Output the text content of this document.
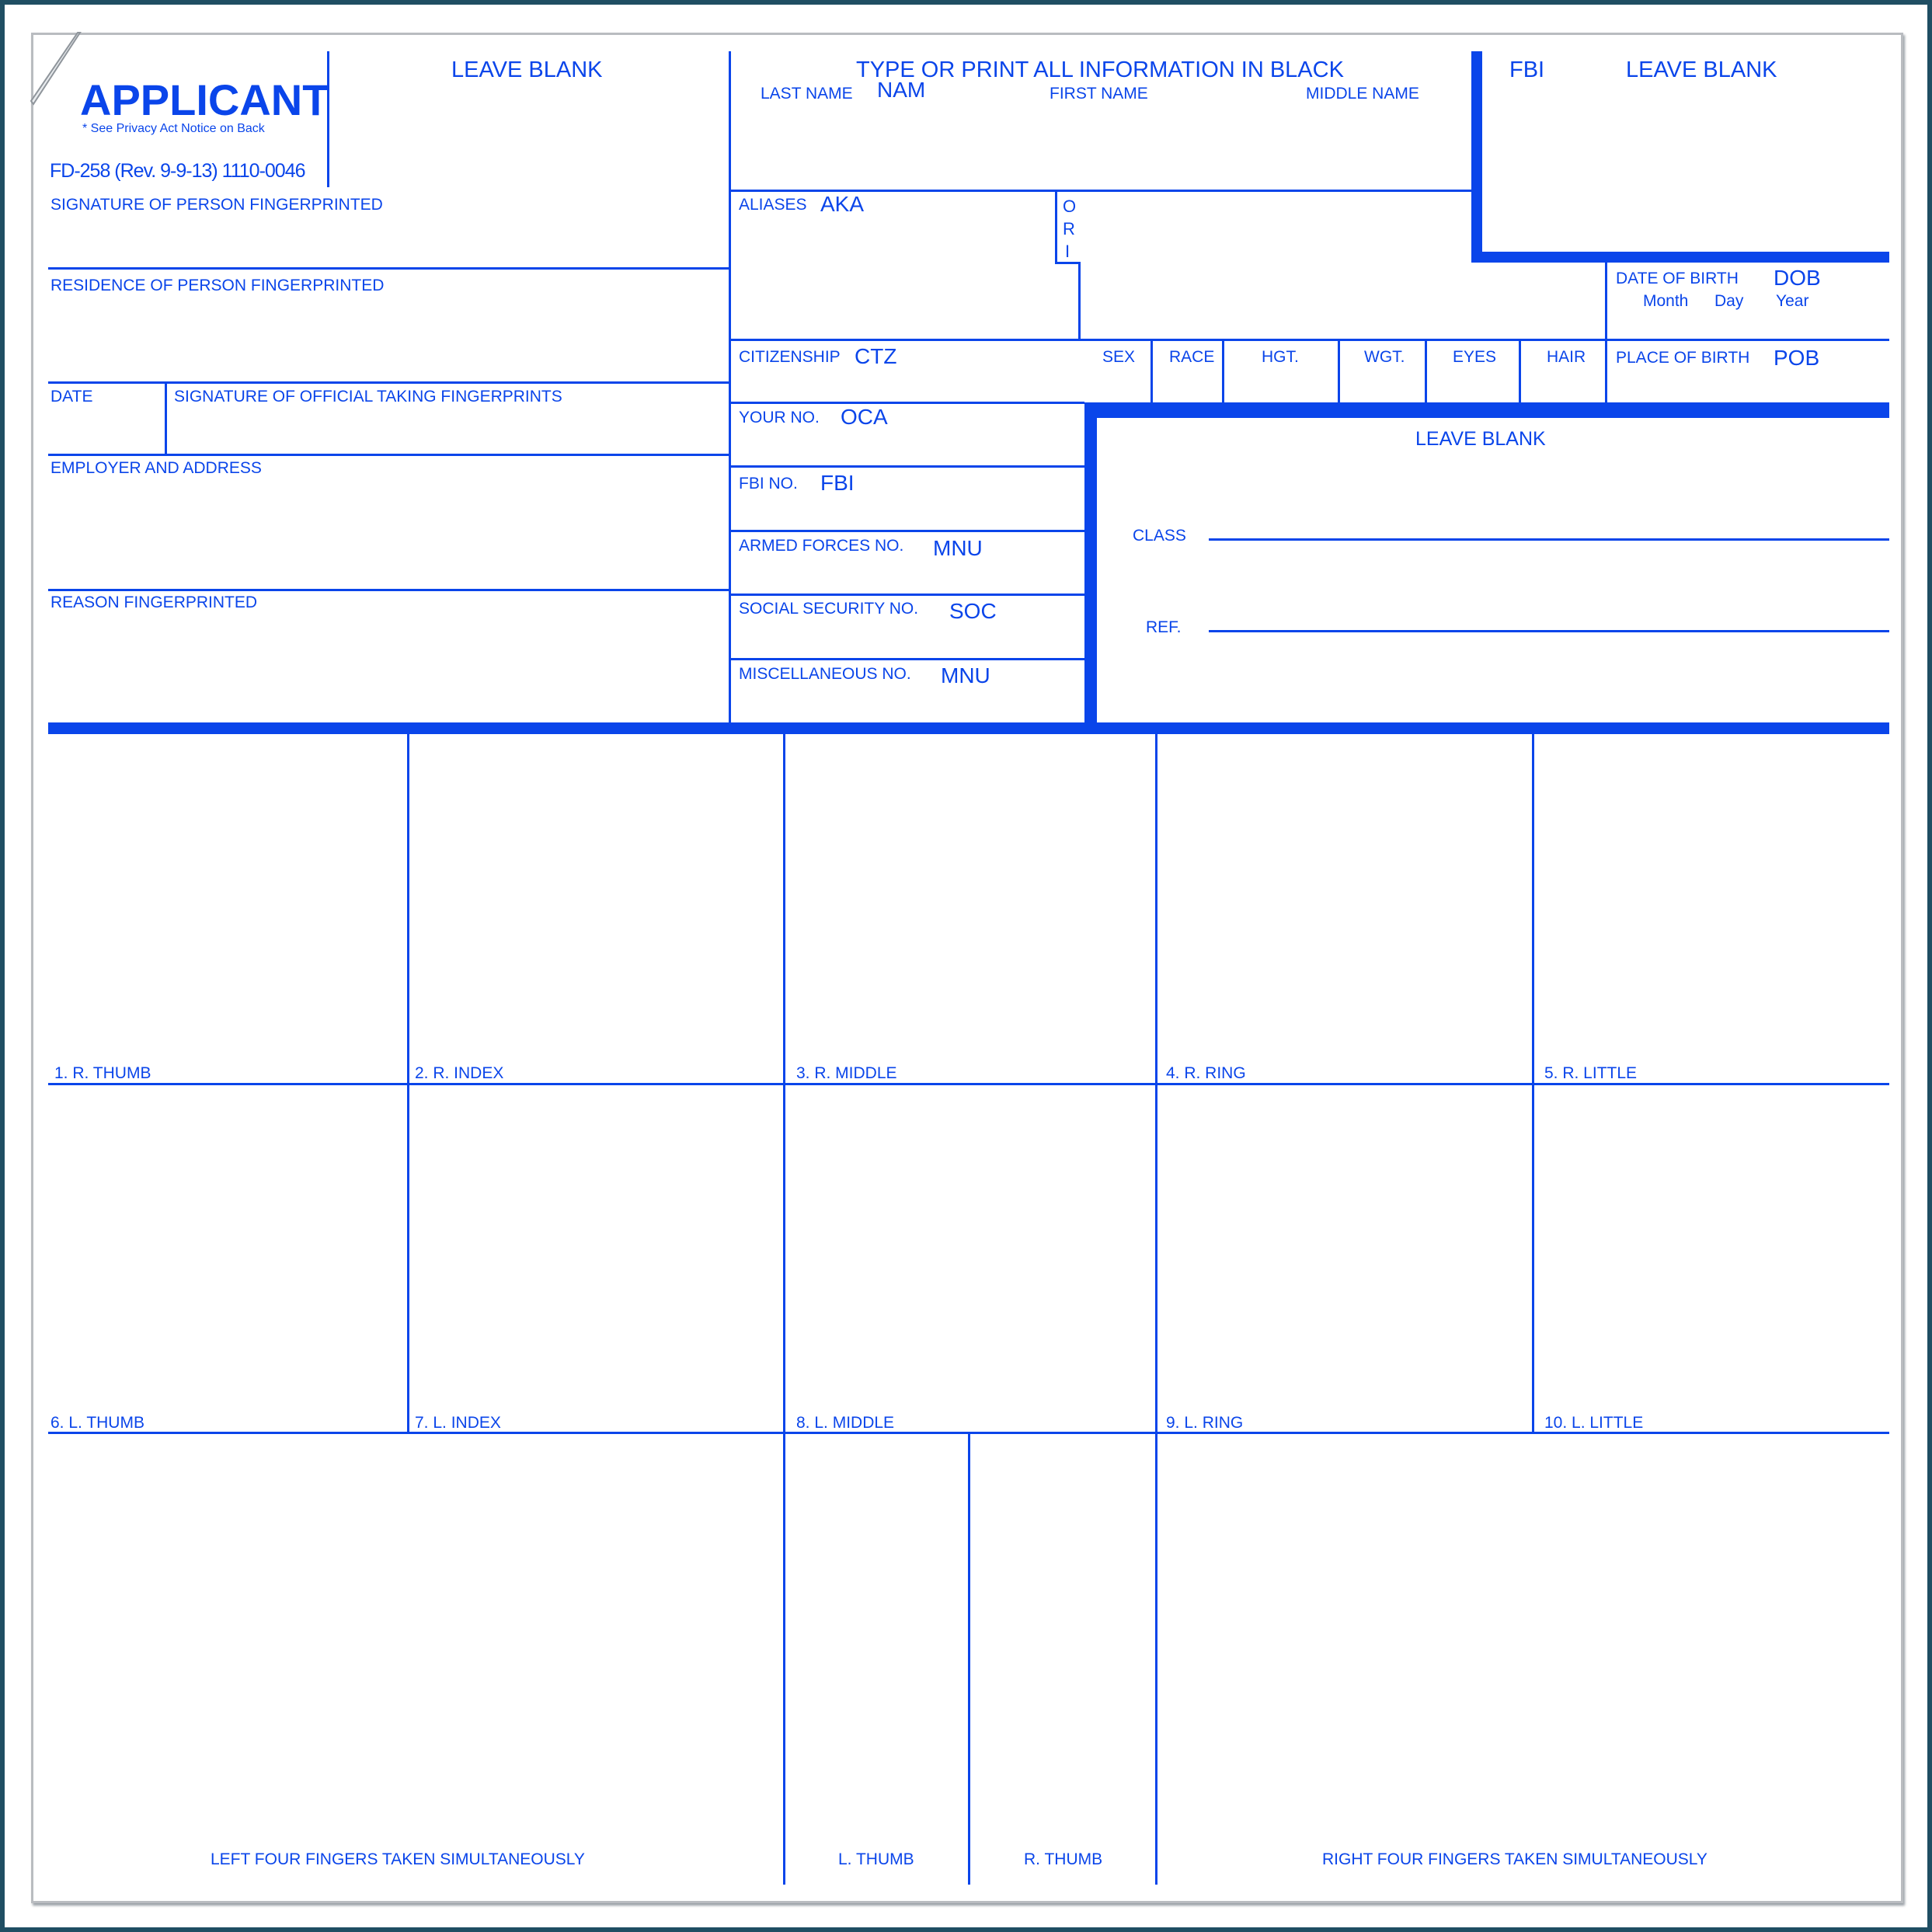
APPLICANT
* See Privacy Act Notice on Back
FD-258 (Rev. 9-9-13) 1110-0046
LEAVE BLANK	TYPE OR PRINT ALL INFORMATION IN BLACK	FBI	LEAVE BLANK
LAST NAME NAM	FIRST NAME	MIDDLE NAME
SIGNATURE OF PERSON FINGERPRINTED
RESIDENCE OF PERSON FINGERPRINTED
DATE	SIGNATURE OF OFFICIAL TAKING FINGERPRINTS
EMPLOYER AND ADDRESS
REASON FINGERPRINTED
ALIASES AKA	O
R
I
DATE OF BIRTH DOB
Month Day Year
CITIZENSHIP CTZ	SEX RACE	HGT.	WGT.	EYES	HAIR PLACE OF BIRTH POB
YOUR NO. OCA
FBI NO. FBI
ARMED FORCES NO. MNU
SOCIAL SECURITY NO. SOC
MISCELLANEOUS NO. MNU
LEAVE BLANK
CLASS
REF.
1. R. THUMB	2. R. INDEX	3. R. MIDDLE	4. R. RING	5. R. LITTLE
6. L. THUMB	7. L. INDEX	8. L. MIDDLE	9. L. RING	10. L. LITTLE
LEFT FOUR FINGERS TAKEN SIMULTANEOUSLY	L. THUMB	R. THUMB	RIGHT FOUR FINGERS TAKEN SIMULTANEOUSLY
